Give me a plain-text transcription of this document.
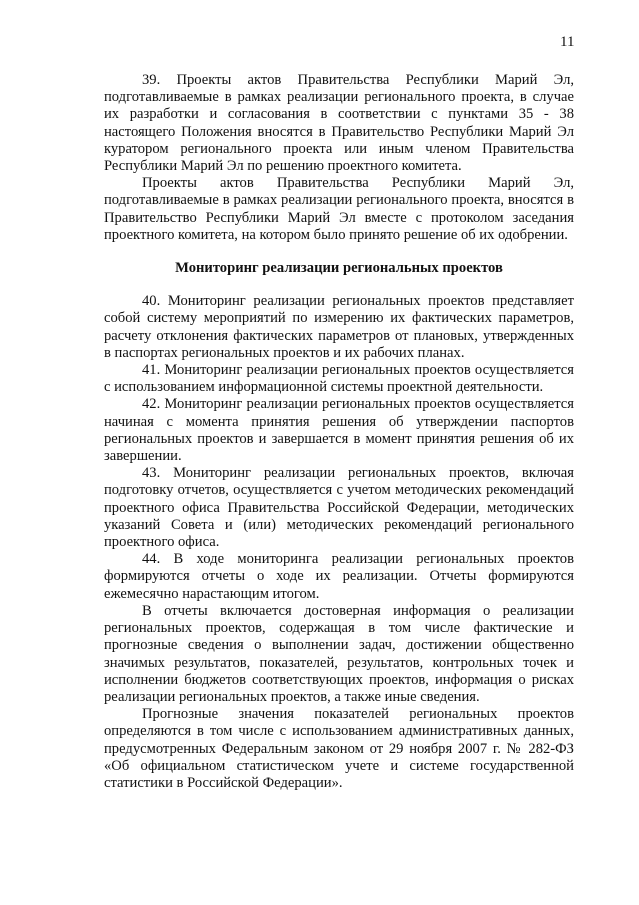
11

39. Проекты актов Правительства Республики Марий Эл, подготавливаемые в рамках реализации регионального проекта, в случае их разработки и согласования в соответствии с пунктами 35 - 38 настоящего Положения вносятся в Правительство Республики Марий Эл куратором регионального проекта или иным членом Правительства Республики Марий Эл по решению проектного комитета.

Проекты актов Правительства Республики Марий Эл, подготавливаемые в рамках реализации регионального проекта, вносятся в Правительство Республики Марий Эл вместе с протоколом заседания проектного комитета, на котором было принято решение об их одобрении.

Мониторинг реализации региональных проектов

40. Мониторинг реализации региональных проектов представляет собой систему мероприятий по измерению их фактических параметров, расчету отклонения фактических параметров от плановых, утвержденных в паспортах региональных проектов и их рабочих планах.

41. Мониторинг реализации региональных проектов осуществляется с использованием информационной системы проектной деятельности.

42. Мониторинг реализации региональных проектов осуществляется начиная с момента принятия решения об утверждении паспортов региональных проектов и завершается в момент принятия решения об их завершении.

43. Мониторинг реализации региональных проектов, включая подготовку отчетов, осуществляется с учетом методических рекомендаций проектного офиса Правительства Российской Федерации, методических указаний Совета и (или) методических рекомендаций регионального проектного офиса.

44. В ходе мониторинга реализации региональных проектов формируются отчеты о ходе их реализации. Отчеты формируются ежемесячно нарастающим итогом.

В отчеты включается достоверная информация о реализации региональных проектов, содержащая в том числе фактические и прогнозные сведения о выполнении задач, достижении общественно значимых результатов, показателей, результатов, контрольных точек и исполнении бюджетов соответствующих проектов, информация о рисках реализации региональных проектов, а также иные сведения.

Прогнозные значения показателей региональных проектов определяются в том числе с использованием административных данных, предусмотренных Федеральным законом от 29 ноября 2007 г. № 282-ФЗ «Об официальном статистическом учете и системе государственной статистики в Российской Федерации».
